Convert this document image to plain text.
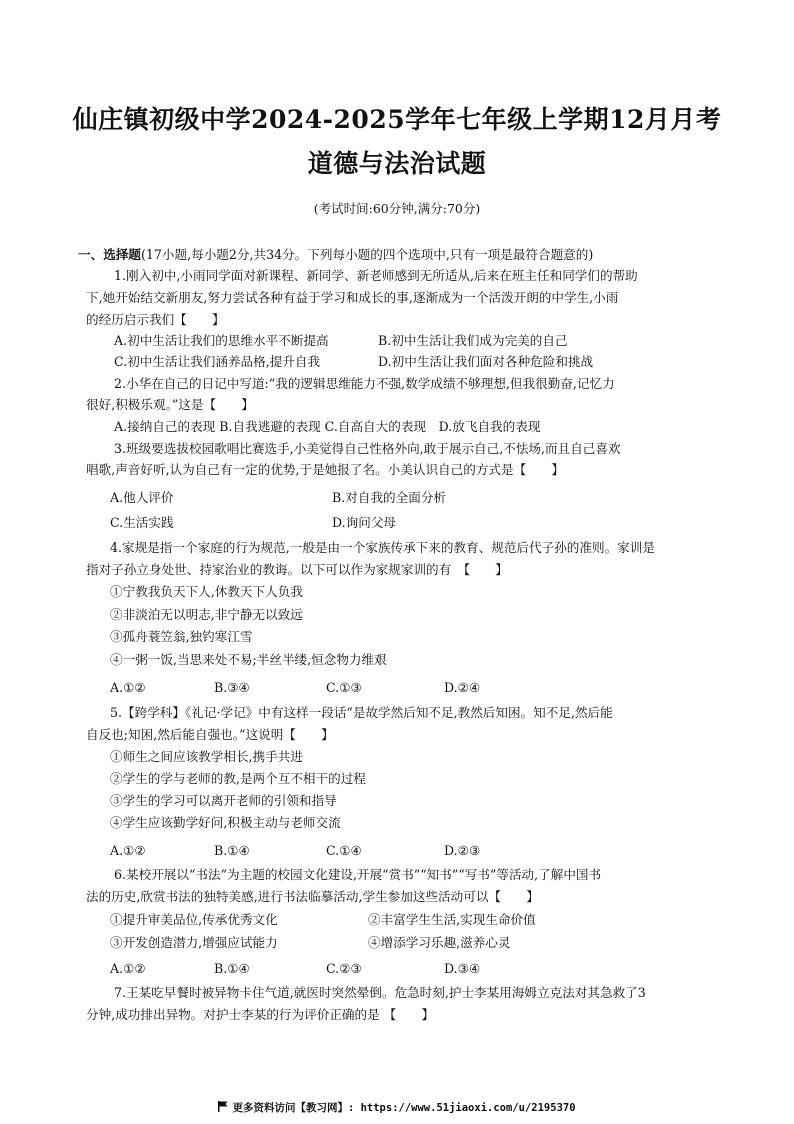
仙庄镇初级中学2024-2025学年七年级上学期12月月考
道德与法治试题
(考试时间:60分钟,满分:70分)
一、选择题(17小题,每小题2分,共34分。下列每小题的四个选项中,只有一项是最符合题意的)
1.刚入初中,小雨同学面对新课程、新同学、新老师感到无所适从,后来在班主任和同学们的帮助
下,她开始结交新朋友,努力尝试各种有益于学习和成长的事,逐渐成为一个活泼开朗的中学生,小雨
的经历启示我们【　　】
A.初中生活让我们的思维水平不断提高	B.初中生活让我们成为完美的自己
C.初中生活让我们涵养品格,提升自我	D.初中生活让我们面对各种危险和挑战
2.小华在自己的日记中写道:“我的逻辑思维能力不强,数学成绩不够理想,但我很勤奋,记忆力
很好,积极乐观。”这是【　　】
A.接纳自己的表现 B.自我逃避的表现 C.自高自大的表现　D.放飞自我的表现
3.班级要选拔校园歌唱比赛选手,小美觉得自己性格外向,敢于展示自己,不怯场,而且自己喜欢
唱歌,声音好听,认为自己有一定的优势,于是她报了名。小美认识自己的方式是【　　】
A.他人评价	B.对自我的全面分析
C.生活实践	D.询问父母
4.家规是指一个家庭的行为规范,一般是由一个家族传承下来的教育、规范后代子孙的准则。家训是
指对子孙立身处世、持家治业的教诲。以下可以作为家规家训的有　【　　】
①宁教我负天下人,休教天下人负我
②非淡泊无以明志,非宁静无以致远
③孤舟蓑笠翁,独钓寒江雪
④一粥一饭,当思来处不易;半丝半缕,恒念物力维艰
A.①②	B.③④	C.①③	D.②④
5.【跨学科】《礼记·学记》中有这样一段话“是故学然后知不足,教然后知困。知不足,然后能
自反也;知困,然后能自强也。”这说明【　　】
①师生之间应该教学相长,携手共进
②学生的学与老师的教,是两个互不相干的过程
③学生的学习可以离开老师的引领和指导
④学生应该勤学好问,积极主动与老师交流
A.①②	B.①④	C.①④	D.②③
6.某校开展以“书法”为主题的校园文化建设,开展“赏书”“知书”“写书”等活动,了解中国书
法的历史,欣赏书法的独特美感,进行书法临摹活动,学生参加这些活动可以【　　】
①提升审美品位,传承优秀文化	②丰富学生生活,实现生命价值
③开发创造潜力,增强应试能力	④增添学习乐趣,滋养心灵
A.①②	B.①④	C.②③	D.③④
7.王某吃早餐时被异物卡住气道,就医时突然晕倒。危急时刻,护士李某用海姆立克法对其急救了3
分钟,成功排出异物。对护士李某的行为评价正确的是 【　　】
更多资料访问【教习网】: https://www.51jiaoxi.com/u/2195370
